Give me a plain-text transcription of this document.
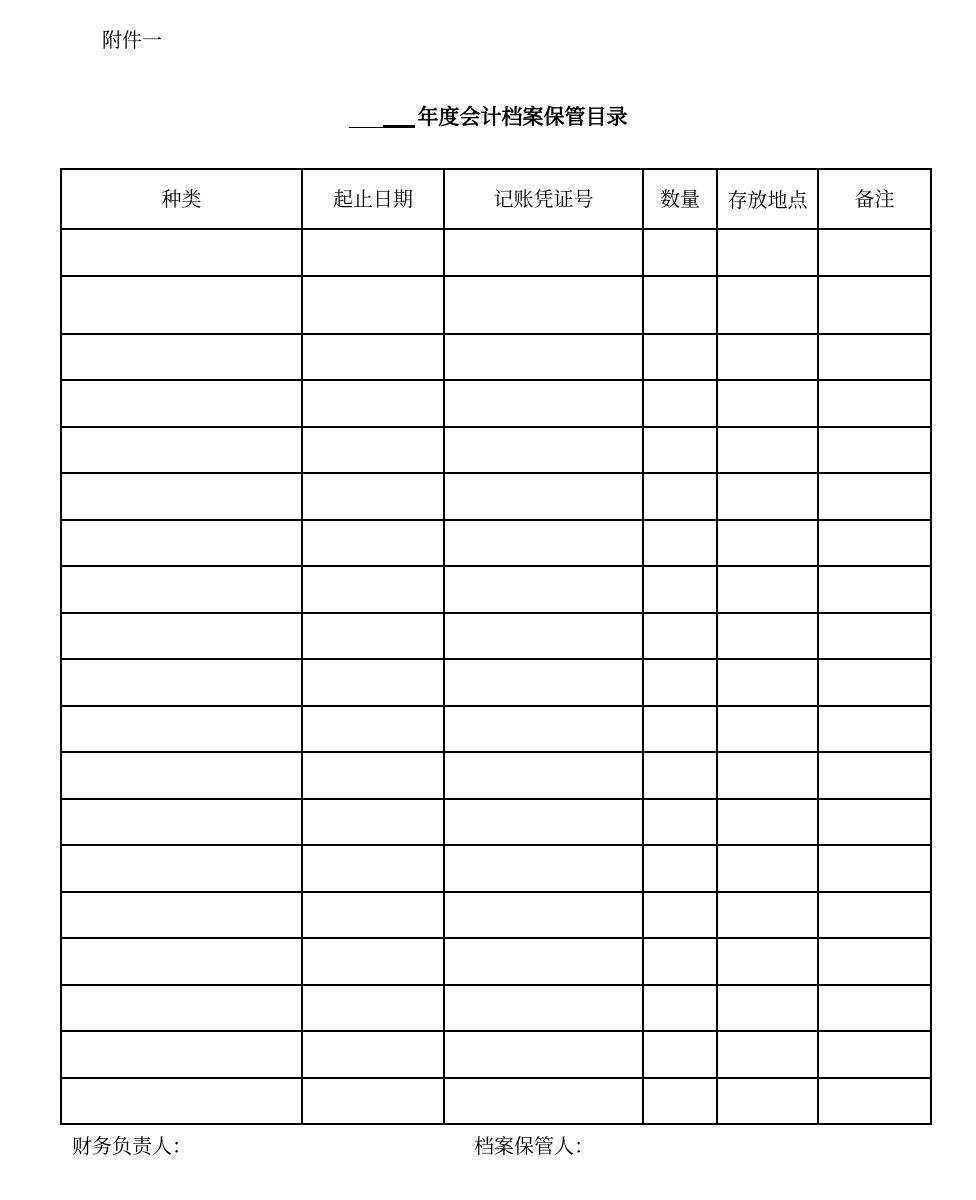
附件一
年度会计档案保管目录
种类	起止日期	记账凭证号	数量	存放地点	备注

财务负责人：	档案保管人：
